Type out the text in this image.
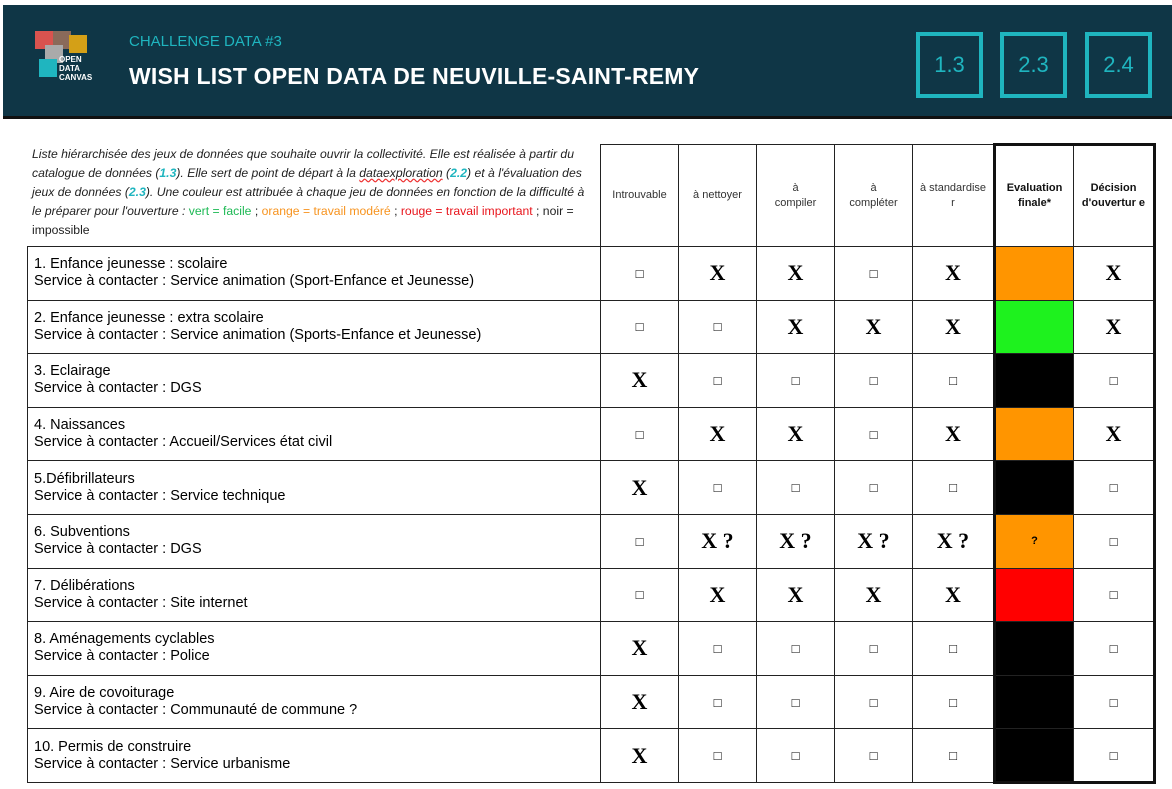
OPEN
DATA
CANVAS
CHALLENGE DATA #3
WISH LIST OPEN DATA DE NEUVILLE-SAINT-REMY	1.3	2.3	2.4
Liste hiérarchisée des jeux de données que souhaite ouvrir la collectivité. Elle est réalisée à partir du catalogue de données (1.3). Elle sert de point de départ à la dataexploration (2.2) et à l'évaluation des jeux de données (2.3). Une couleur est attribuée à chaque jeu de données en fonction de la difficulté à le préparer pour l'ouverture : vert = facile ; orange = travail modéré ; rouge = travail important ; noir = impossible
	Introuvable	à nettoyer	à compiler	à compléter	à standardise r	Evaluation finale*	Décision d'ouvertur e

1. Enfance jeunesse : scolaire
Service à contacter : Service animation (Sport-Enfance et Jeunesse)	□	X	X	□	X		X

2. Enfance jeunesse : extra scolaire
Service à contacter : Service animation (Sports-Enfance et Jeunesse)	□	□	X	X	X		X

3. Eclairage
Service à contacter : DGS	X	□	□	□	□		□

4. Naissances
Service à contacter : Accueil/Services état civil	□	X	X	□	X		X

5.Défibrillateurs
Service à contacter : Service technique	X	□	□	□	□		□

6. Subventions
Service à contacter : DGS	□	X ?	X ?	X ?	X ?	?	□

7. Délibérations
Service à contacter : Site internet	□	X	X	X	X		□

8. Aménagements cyclables
Service à contacter : Police	X	□	□	□	□		□

9. Aire de covoiturage
Service à contacter : Communauté de commune ?	X	□	□	□	□		□

10. Permis de construire
Service à contacter : Service urbanisme	X	□	□	□	□		□
